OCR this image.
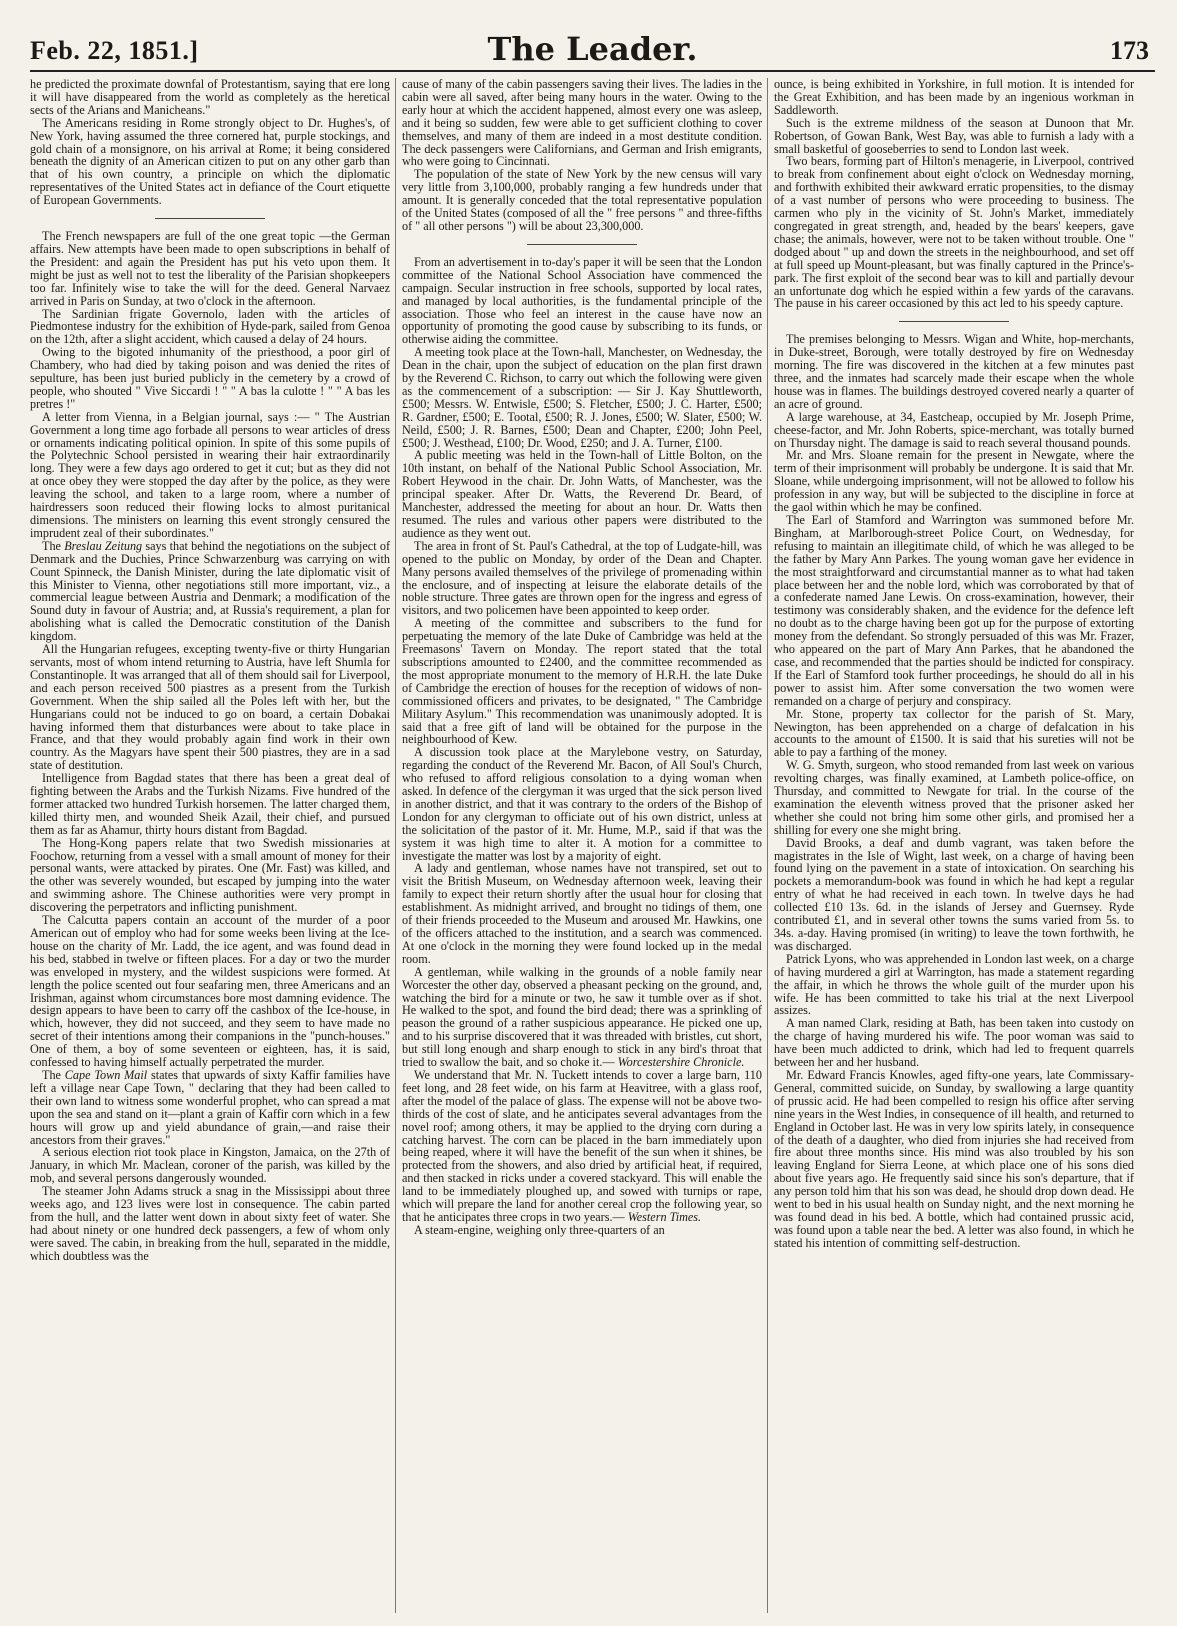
Feb. 22, 1851.]	The Leader.	173

he predicted the proximate downfal of Protestantism, saying that ere long it will have disappeared from the world as completely as the heretical sects of the Arians and Manicheans."

The Americans residing in Rome strongly object to Dr. Hughes's, of New York, having assumed the three cornered hat, purple stockings, and gold chain of a monsignore, on his arrival at Rome; it being considered beneath the dignity of an American citizen to put on any other garb than that of his own country, a principle on which the diplomatic representatives of the United States act in defiance of the Court etiquette of European Governments.

The French newspapers are full of the one great topic —the German affairs. New attempts have been made to open subscriptions in behalf of the President: and again the President has put his veto upon them. It might be just as well not to test the liberality of the Parisian shopkeepers too far. Infinitely wise to take the will for the deed. General Narvaez arrived in Paris on Sunday, at two o'clock in the afternoon.

The Sardinian frigate Governolo, laden with the articles of Piedmontese industry for the exhibition of Hyde-park, sailed from Genoa on the 12th, after a slight accident, which caused a delay of 24 hours.

Owing to the bigoted inhumanity of the priesthood, a poor girl of Chambery, who had died by taking poison and was denied the rites of sepulture, has been just buried publicly in the cemetery by a crowd of people, who shouted " Vive Siccardi ! " " A bas la culotte ! " " A bas les pretres !"

A letter from Vienna, in a Belgian journal, says :— " The Austrian Government a long time ago forbade all persons to wear articles of dress or ornaments indicating political opinion. In spite of this some pupils of the Polytechnic School persisted in wearing their hair extraordinarily long. They were a few days ago ordered to get it cut; but as they did not at once obey they were stopped the day after by the police, as they were leaving the school, and taken to a large room, where a number of hairdressers soon reduced their flowing locks to almost puritanical dimensions. The ministers on learning this event strongly censured the imprudent zeal of their subordinates."

The Breslau Zeitung says that behind the negotiations on the subject of Denmark and the Duchies, Prince Schwarzenburg was carrying on with Count Spinneck, the Danish Minister, during the late diplomatic visit of this Minister to Vienna, other negotiations still more important, viz., a commercial league between Austria and Denmark; a modification of the Sound duty in favour of Austria; and, at Russia's requirement, a plan for abolishing what is called the Democratic constitution of the Danish kingdom.

All the Hungarian refugees, excepting twenty-five or thirty Hungarian servants, most of whom intend returning to Austria, have left Shumla for Constantinople. It was arranged that all of them should sail for Liverpool, and each person received 500 piastres as a present from the Turkish Government. When the ship sailed all the Poles left with her, but the Hungarians could not be induced to go on board, a certain Dobakai having informed them that disturbances were about to take place in France, and that they would probably again find work in their own country. As the Magyars have spent their 500 piastres, they are in a sad state of destitution.

Intelligence from Bagdad states that there has been a great deal of fighting between the Arabs and the Turkish Nizams. Five hundred of the former attacked two hundred Turkish horsemen. The latter charged them, killed thirty men, and wounded Sheik Azail, their chief, and pursued them as far as Ahamur, thirty hours distant from Bagdad.

The Hong-Kong papers relate that two Swedish missionaries at Foochow, returning from a vessel with a small amount of money for their personal wants, were attacked by pirates. One (Mr. Fast) was killed, and the other was severely wounded, but escaped by jumping into the water and swimming ashore. The Chinese authorities were very prompt in discovering the perpetrators and inflicting punishment.

The Calcutta papers contain an account of the murder of a poor American out of employ who had for some weeks been living at the Ice-house on the charity of Mr. Ladd, the ice agent, and was found dead in his bed, stabbed in twelve or fifteen places. For a day or two the murder was enveloped in mystery, and the wildest suspicions were formed. At length the police scented out four seafaring men, three Americans and an Irishman, against whom circumstances bore most damning evidence. The design appears to have been to carry off the cashbox of the Ice-house, in which, however, they did not succeed, and they seem to have made no secret of their intentions among their companions in the "punch-houses." One of them, a boy of some seventeen or eighteen, has, it is said, confessed to having himself actually perpetrated the murder.

The Cape Town Mail states that upwards of sixty Kaffir families have left a village near Cape Town, " declaring that they had been called to their own land to witness some wonderful prophet, who can spread a mat upon the sea and stand on it—plant a grain of Kaffir corn which in a few hours will grow up and yield abundance of grain,—and raise their ancestors from their graves."

A serious election riot took place in Kingston, Jamaica, on the 27th of January, in which Mr. Maclean, coroner of the parish, was killed by the mob, and several persons dangerously wounded.

The steamer John Adams struck a snag in the Mississippi about three weeks ago, and 123 lives were lost in consequence. The cabin parted from the hull, and the latter went down in about sixty feet of water. She had about ninety or one hundred deck passengers, a few of whom only were saved. The cabin, in breaking from the hull, separated in the middle, which doubtless was the

cause of many of the cabin passengers saving their lives. The ladies in the cabin were all saved, after being many hours in the water. Owing to the early hour at which the accident happened, almost every one was asleep, and it being so sudden, few were able to get sufficient clothing to cover themselves, and many of them are indeed in a most destitute condition. The deck passengers were Californians, and German and Irish emigrants, who were going to Cincinnati.

The population of the state of New York by the new census will vary very little from 3,100,000, probably ranging a few hundreds under that amount. It is generally conceded that the total representative population of the United States (composed of all the " free persons " and three-fifths of " all other persons ") will be about 23,300,000.

From an advertisement in to-day's paper it will be seen that the London committee of the National School Association have commenced the campaign. Secular instruction in free schools, supported by local rates, and managed by local authorities, is the fundamental principle of the association. Those who feel an interest in the cause have now an opportunity of promoting the good cause by subscribing to its funds, or otherwise aiding the committee.

A meeting took place at the Town-hall, Manchester, on Wednesday, the Dean in the chair, upon the subject of education on the plan first drawn by the Reverend C. Richson, to carry out which the following were given as the commencement of a subscription: — Sir J. Kay Shuttleworth, £500; Messrs. W. Entwisle, £500; S. Fletcher, £500; J. C. Harter, £500; R. Gardner, £500; E. Tootal, £500; R. J. Jones, £500; W. Slater, £500; W. Neild, £500; J. R. Barnes, £500; Dean and Chapter, £200; John Peel, £500; J. Westhead, £100; Dr. Wood, £250; and J. A. Turner, £100.

A public meeting was held in the Town-hall of Little Bolton, on the 10th instant, on behalf of the National Public School Association, Mr. Robert Heywood in the chair. Dr. John Watts, of Manchester, was the principal speaker. After Dr. Watts, the Reverend Dr. Beard, of Manchester, addressed the meeting for about an hour. Dr. Watts then resumed. The rules and various other papers were distributed to the audience as they went out.

The area in front of St. Paul's Cathedral, at the top of Ludgate-hill, was opened to the public on Monday, by order of the Dean and Chapter. Many persons availed themselves of the privilege of promenading within the enclosure, and of inspecting at leisure the elaborate details of the noble structure. Three gates are thrown open for the ingress and egress of visitors, and two policemen have been appointed to keep order.

A meeting of the committee and subscribers to the fund for perpetuating the memory of the late Duke of Cambridge was held at the Freemasons' Tavern on Monday. The report stated that the total subscriptions amounted to £2400, and the committee recommended as the most appropriate monument to the memory of H.R.H. the late Duke of Cambridge the erection of houses for the reception of widows of non-commissioned officers and privates, to be designated, " The Cambridge Military Asylum." This recommendation was unanimously adopted. It is said that a free gift of land will be obtained for the purpose in the neighbourhood of Kew.

A discussion took place at the Marylebone vestry, on Saturday, regarding the conduct of the Reverend Mr. Bacon, of All Soul's Church, who refused to afford religious consolation to a dying woman when asked. In defence of the clergyman it was urged that the sick person lived in another district, and that it was contrary to the orders of the Bishop of London for any clergyman to officiate out of his own district, unless at the solicitation of the pastor of it. Mr. Hume, M.P., said if that was the system it was high time to alter it. A motion for a committee to investigate the matter was lost by a majority of eight.

A lady and gentleman, whose names have not transpired, set out to visit the British Museum, on Wednesday afternoon week, leaving their family to expect their return shortly after the usual hour for closing that establishment. As midnight arrived, and brought no tidings of them, one of their friends proceeded to the Museum and aroused Mr. Hawkins, one of the officers attached to the institution, and a search was commenced. At one o'clock in the morning they were found locked up in the medal room.

A gentleman, while walking in the grounds of a noble family near Worcester the other day, observed a pheasant pecking on the ground, and, watching the bird for a minute or two, he saw it tumble over as if shot. He walked to the spot, and found the bird dead; there was a sprinkling of peason the ground of a rather suspicious appearance. He picked one up, and to his surprise discovered that it was threaded with bristles, cut short, but still long enough and sharp enough to stick in any bird's throat that tried to swallow the bait, and so choke it.— Worcestershire Chronicle.

We understand that Mr. N. Tuckett intends to cover a large barn, 110 feet long, and 28 feet wide, on his farm at Heavitree, with a glass roof, after the model of the palace of glass. The expense will not be above two-thirds of the cost of slate, and he anticipates several advantages from the novel roof; among others, it may be applied to the drying corn during a catching harvest. The corn can be placed in the barn immediately upon being reaped, where it will have the benefit of the sun when it shines, be protected from the showers, and also dried by artificial heat, if required, and then stacked in ricks under a covered stackyard. This will enable the land to be immediately ploughed up, and sowed with turnips or rape, which will prepare the land for another cereal crop the following year, so that he anticipates three crops in two years.— Western Times.

A steam-engine, weighing only three-quarters of an

ounce, is being exhibited in Yorkshire, in full motion. It is intended for the Great Exhibition, and has been made by an ingenious workman in Saddleworth.

Such is the extreme mildness of the season at Dunoon that Mr. Robertson, of Gowan Bank, West Bay, was able to furnish a lady with a small basketful of gooseberries to send to London last week.

Two bears, forming part of Hilton's menagerie, in Liverpool, contrived to break from confinement about eight o'clock on Wednesday morning, and forthwith exhibited their awkward erratic propensities, to the dismay of a vast number of persons who were proceeding to business. The carmen who ply in the vicinity of St. John's Market, immediately congregated in great strength, and, headed by the bears' keepers, gave chase; the animals, however, were not to be taken without trouble. One " dodged about " up and down the streets in the neighbourhood, and set off at full speed up Mount-pleasant, but was finally captured in the Prince's-park. The first exploit of the second bear was to kill and partially devour an unfortunate dog which he espied within a few yards of the caravans. The pause in his career occasioned by this act led to his speedy capture.

The premises belonging to Messrs. Wigan and White, hop-merchants, in Duke-street, Borough, were totally destroyed by fire on Wednesday morning. The fire was discovered in the kitchen at a few minutes past three, and the inmates had scarcely made their escape when the whole house was in flames. The buildings destroyed covered nearly a quarter of an acre of ground.

A large warehouse, at 34, Eastcheap, occupied by Mr. Joseph Prime, cheese-factor, and Mr. John Roberts, spice-merchant, was totally burned on Thursday night. The damage is said to reach several thousand pounds.

Mr. and Mrs. Sloane remain for the present in Newgate, where the term of their imprisonment will probably be undergone. It is said that Mr. Sloane, while undergoing imprisonment, will not be allowed to follow his profession in any way, but will be subjected to the discipline in force at the gaol within which he may be confined.

The Earl of Stamford and Warrington was summoned before Mr. Bingham, at Marlborough-street Police Court, on Wednesday, for refusing to maintain an illegitimate child, of which he was alleged to be the father by Mary Ann Parkes. The young woman gave her evidence in the most straightforward and circumstantial manner as to what had taken place between her and the noble lord, which was corroborated by that of a confederate named Jane Lewis. On cross-examination, however, their testimony was considerably shaken, and the evidence for the defence left no doubt as to the charge having been got up for the purpose of extorting money from the defendant. So strongly persuaded of this was Mr. Frazer, who appeared on the part of Mary Ann Parkes, that he abandoned the case, and recommended that the parties should be indicted for conspiracy. If the Earl of Stamford took further proceedings, he should do all in his power to assist him. After some conversation the two women were remanded on a charge of perjury and conspiracy.

Mr. Stone, property tax collector for the parish of St. Mary, Newington, has been apprehended on a charge of defalcation in his accounts to the amount of £1500. It is said that his sureties will not be able to pay a farthing of the money.

W. G. Smyth, surgeon, who stood remanded from last week on various revolting charges, was finally examined, at Lambeth police-office, on Thursday, and committed to Newgate for trial. In the course of the examination the eleventh witness proved that the prisoner asked her whether she could not bring him some other girls, and promised her a shilling for every one she might bring.

David Brooks, a deaf and dumb vagrant, was taken before the magistrates in the Isle of Wight, last week, on a charge of having been found lying on the pavement in a state of intoxication. On searching his pockets a memorandum-book was found in which he had kept a regular entry of what he had received in each town. In twelve days he had collected £10 13s. 6d. in the islands of Jersey and Guernsey. Ryde contributed £1, and in several other towns the sums varied from 5s. to 34s. a-day. Having promised (in writing) to leave the town forthwith, he was discharged.

Patrick Lyons, who was apprehended in London last week, on a charge of having murdered a girl at Warrington, has made a statement regarding the affair, in which he throws the whole guilt of the murder upon his wife. He has been committed to take his trial at the next Liverpool assizes.

A man named Clark, residing at Bath, has been taken into custody on the charge of having murdered his wife. The poor woman was said to have been much addicted to drink, which had led to frequent quarrels between her and her husband.

Mr. Edward Francis Knowles, aged fifty-one years, late Commissary-General, committed suicide, on Sunday, by swallowing a large quantity of prussic acid. He had been compelled to resign his office after serving nine years in the West Indies, in consequence of ill health, and returned to England in October last. He was in very low spirits lately, in consequence of the death of a daughter, who died from injuries she had received from fire about three months since. His mind was also troubled by his son leaving England for Sierra Leone, at which place one of his sons died about five years ago. He frequently said since his son's departure, that if any person told him that his son was dead, he should drop down dead. He went to bed in his usual health on Sunday night, and the next morning he was found dead in his bed. A bottle, which had contained prussic acid, was found upon a table near the bed. A letter was also found, in which he stated his intention of committing self-destruction.
